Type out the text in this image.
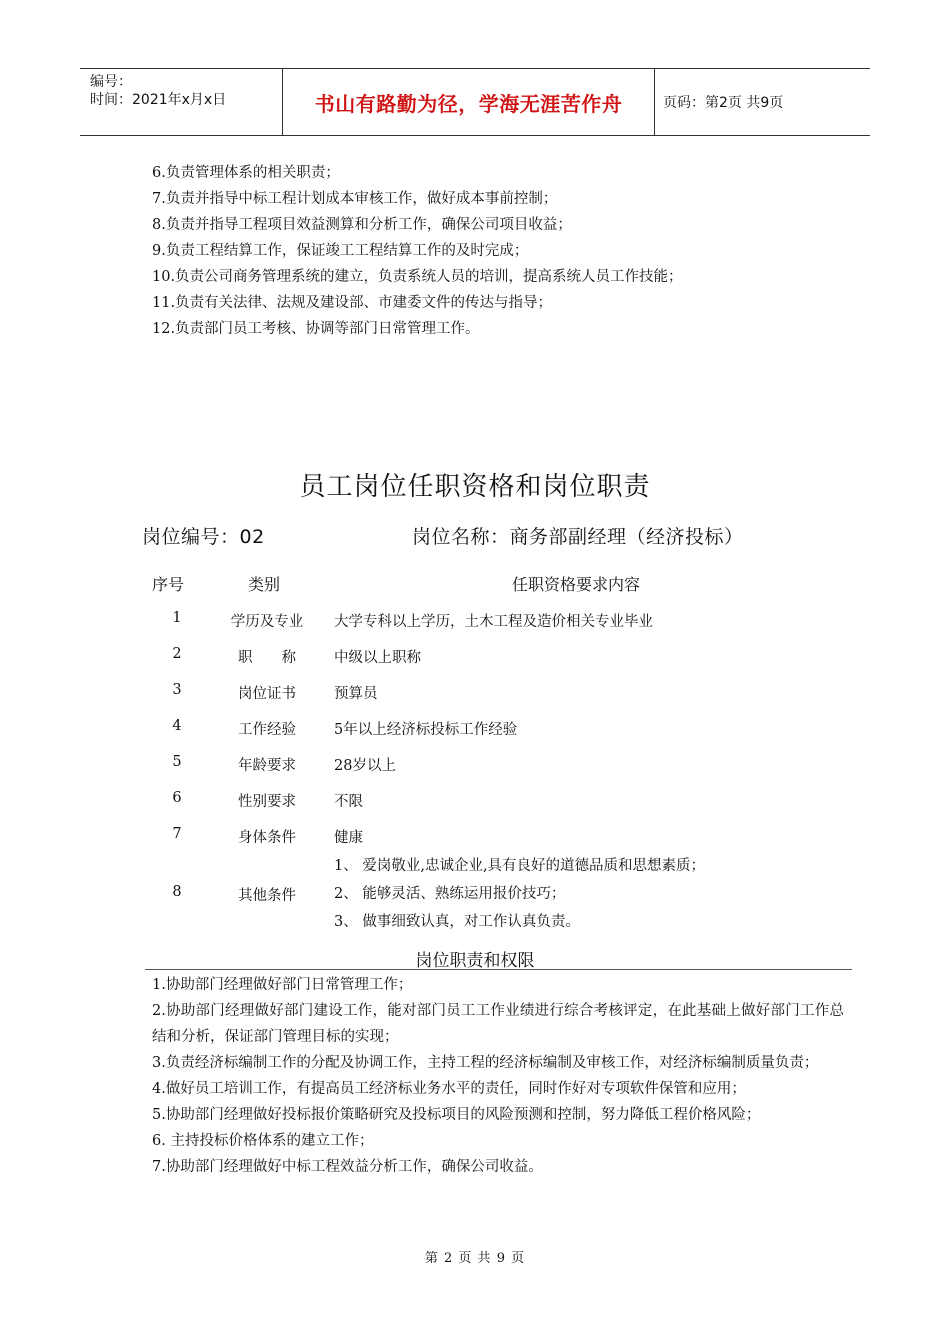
编号：
时间：2021年x月x日	书山有路勤为径，学海无涯苦作舟	页码：第2页 共9页
6.负责管理体系的相关职责；
7.负责并指导中标工程计划成本审核工作，做好成本事前控制；
8.负责并指导工程项目效益测算和分析工作，确保公司项目收益；
9.负责工程结算工作，保证竣工工程结算工作的及时完成；
10.负责公司商务管理系统的建立，负责系统人员的培训，提高系统人员工作技能；
11.负责有关法律、法规及建设部、市建委文件的传达与指导；
12.负责部门员工考核、协调等部门日常管理工作。
员工岗位任职资格和岗位职责
岗位编号：02	岗位名称：商务部副经理（经济投标）
序号	类别	任职资格要求内容
1	学历及专业	大学专科以上学历，土木工程及造价相关专业毕业
2	职　　称	中级以上职称
3	岗位证书	预算员
4	工作经验	5年以上经济标投标工作经验
5	年龄要求	28岁以上
6	性别要求	不限
7	身体条件	健康
8	其他条件
1、 爱岗敬业,忠诚企业,具有良好的道德品质和思想素质；
2、 能够灵活、熟练运用报价技巧；
3、 做事细致认真，对工作认真负责。
岗位职责和权限
1.协助部门经理做好部门日常管理工作；
2.协助部门经理做好部门建设工作，能对部门员工工作业绩进行综合考核评定，在此基础上做好部门工作总结和分析，保证部门管理目标的实现；
3.负责经济标编制工作的分配及协调工作，主持工程的经济标编制及审核工作，对经济标编制质量负责；
4.做好员工培训工作，有提高员工经济标业务水平的责任，同时作好对专项软件保管和应用；
5.协助部门经理做好投标报价策略研究及投标项目的风险预测和控制，努力降低工程价格风险；
6. 主持投标价格体系的建立工作；
7.协助部门经理做好中标工程效益分析工作，确保公司收益。
第 2 页 共 9 页
